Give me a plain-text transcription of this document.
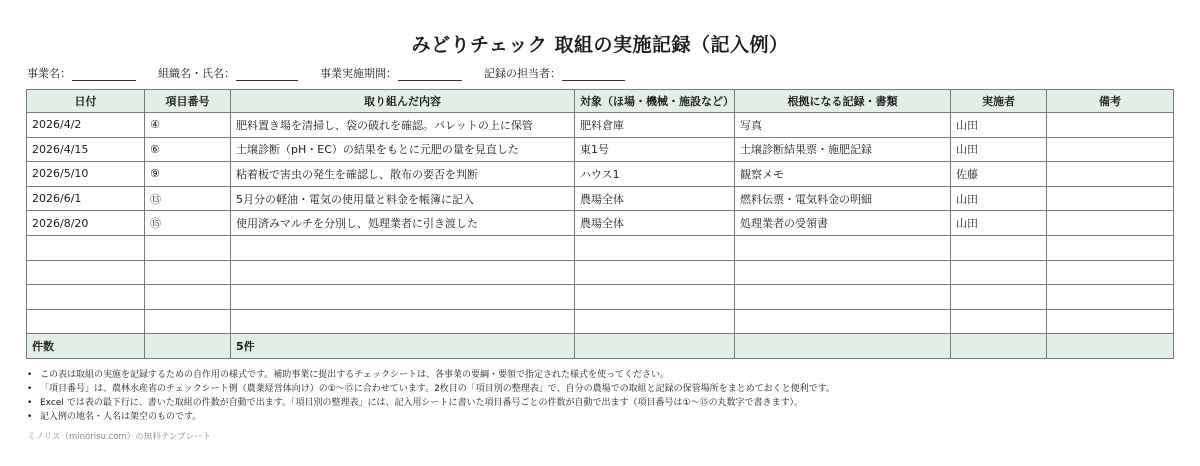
みどりチェック 取組の実施記録（記入例）
事業名：	組織名・氏名：	事業実施期間：	記録の担当者：
日付	項目番号	取り組んだ内容	対象（ほ場・機械・施設など）	根拠になる記録・書類	実施者	備考
2026/4/2	④	肥料置き場を清掃し、袋の破れを確認。パレットの上に保管	肥料倉庫	写真	山田	
2026/4/15	⑥	土壌診断（pH・EC）の結果をもとに元肥の量を見直した	東1号	土壌診断結果票・施肥記録	山田	
2026/5/10	⑨	粘着板で害虫の発生を確認し、散布の要否を判断	ハウス1	観察メモ	佐藤	
2026/6/1	⑬	5月分の軽油・電気の使用量と料金を帳簿に記入	農場全体	燃料伝票・電気料金の明細	山田	
2026/8/20	⑮	使用済みマルチを分別し、処理業者に引き渡した	農場全体	処理業者の受領書	山田	

件数		5件				
• この表は取組の実施を記録するための自作用の様式です。補助事業に提出するチェックシートは、各事業の要綱・要領で指定された様式を使ってください。
• 「項目番号」は、農林水産省のチェックシート例（農業経営体向け）の①〜⑮に合わせています。2枚目の「項目別の整理表」で、自分の農場での取組と記録の保管場所をまとめておくと便利です。
• Excel では表の最下行に、書いた取組の件数が自動で出ます。「項目別の整理表」には、記入用シートに書いた項目番号ごとの件数が自動で出ます（項目番号は①〜⑮の丸数字で書きます）。
• 記入例の地名・人名は架空のものです。
ミノリス（minorisu.com）の無料テンプレート
